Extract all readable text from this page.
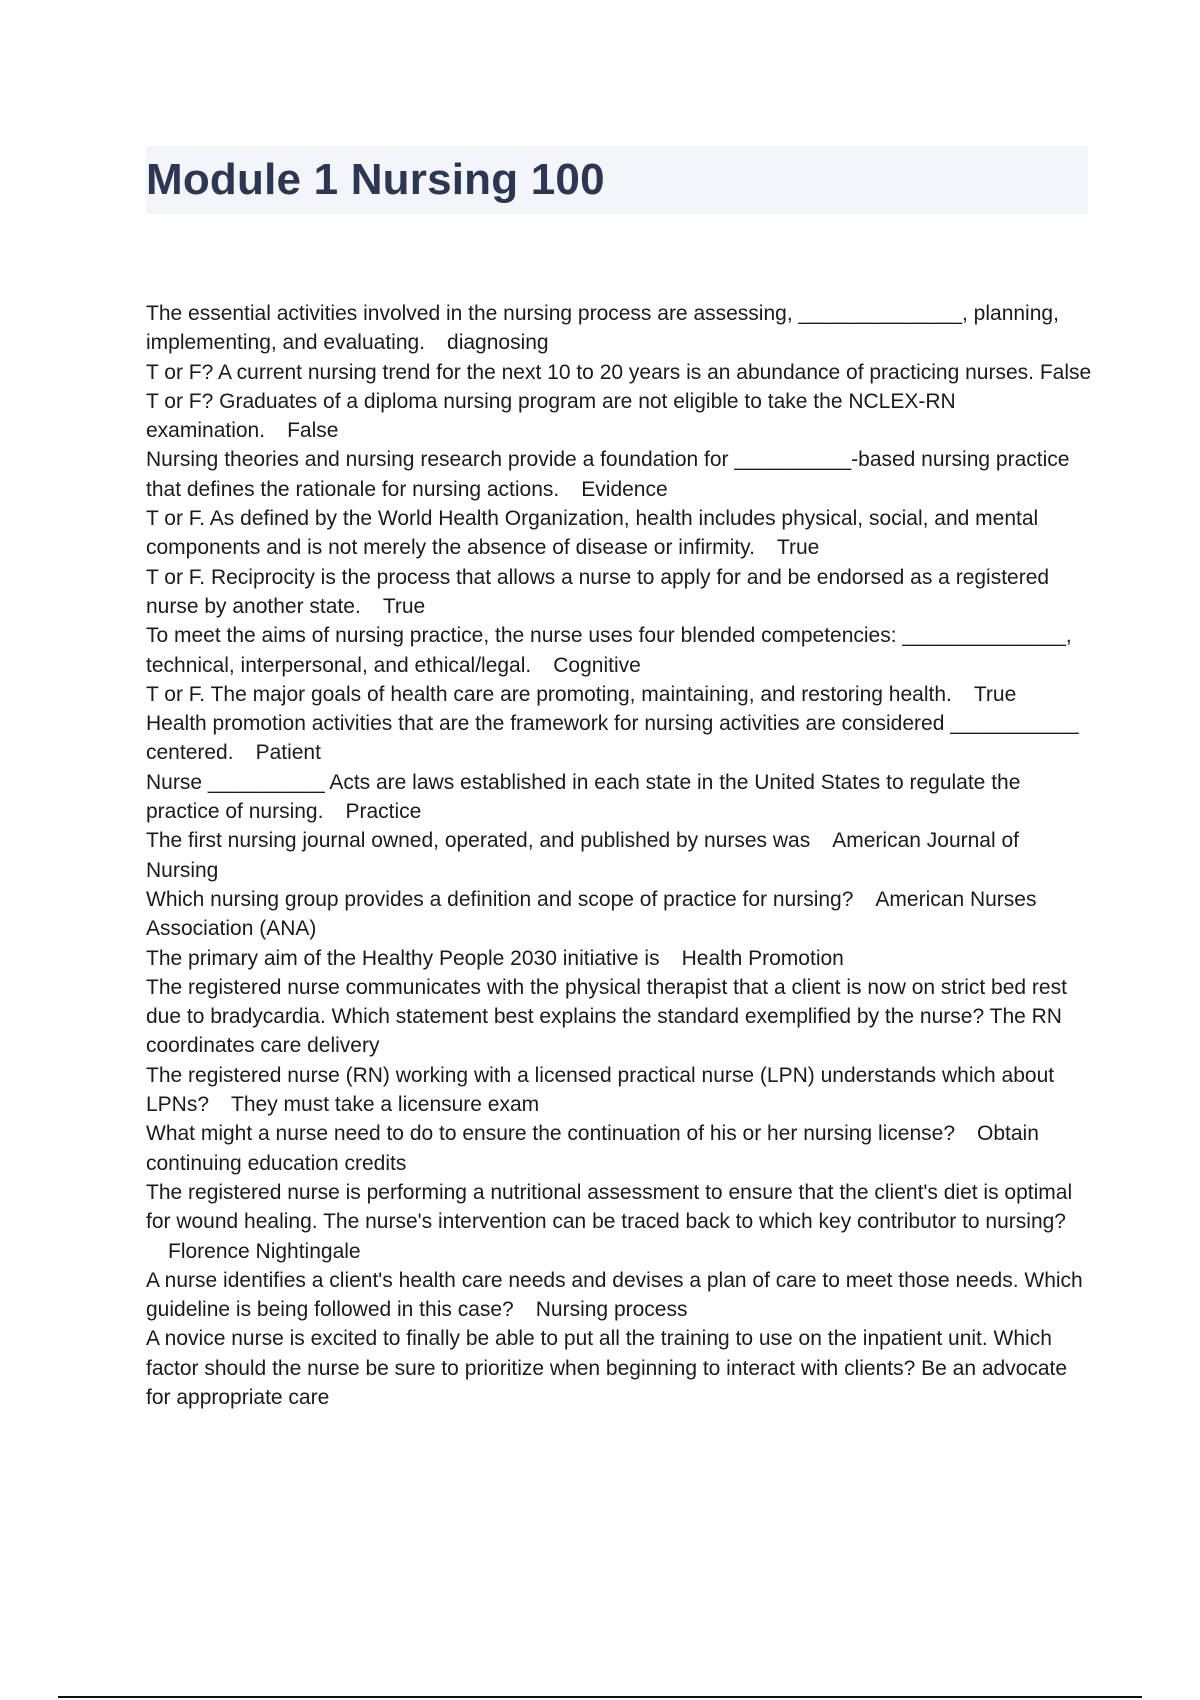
Module 1 Nursing 100

The essential activities involved in the nursing process are assessing, ______________, planning, implementing, and evaluating. diagnosing

T or F? A current nursing trend for the next 10 to 20 years is an abundance of practicing nurses. False

T or F? Graduates of a diploma nursing program are not eligible to take the NCLEX-RN examination. False

Nursing theories and nursing research provide a foundation for __________-based nursing practice that defines the rationale for nursing actions. Evidence

T or F. As defined by the World Health Organization, health includes physical, social, and mental components and is not merely the absence of disease or infirmity. True

T or F. Reciprocity is the process that allows a nurse to apply for and be endorsed as a registered nurse by another state. True

To meet the aims of nursing practice, the nurse uses four blended competencies: ______________, technical, interpersonal, and ethical/legal. Cognitive

T or F. The major goals of health care are promoting, maintaining, and restoring health. True

Health promotion activities that are the framework for nursing activities are considered ___________ centered. Patient

Nurse __________ Acts are laws established in each state in the United States to regulate the practice of nursing. Practice

The first nursing journal owned, operated, and published by nurses was American Journal of Nursing

Which nursing group provides a definition and scope of practice for nursing? American Nurses Association (ANA)

The primary aim of the Healthy People 2030 initiative is Health Promotion

The registered nurse communicates with the physical therapist that a client is now on strict bed rest due to bradycardia. Which statement best explains the standard exemplified by the nurse? The RN coordinates care delivery

The registered nurse (RN) working with a licensed practical nurse (LPN) understands which about LPNs? They must take a licensure exam

What might a nurse need to do to ensure the continuation of his or her nursing license? Obtain continuing education credits

The registered nurse is performing a nutritional assessment to ensure that the client's diet is optimal for wound healing. The nurse's intervention can be traced back to which key contributor to nursing?Florence Nightingale

A nurse identifies a client's health care needs and devises a plan of care to meet those needs. Which guideline is being followed in this case? Nursing process

A novice nurse is excited to finally be able to put all the training to use on the inpatient unit. Which factor should the nurse be sure to prioritize when beginning to interact with clients? Be an advocate for appropriate care
